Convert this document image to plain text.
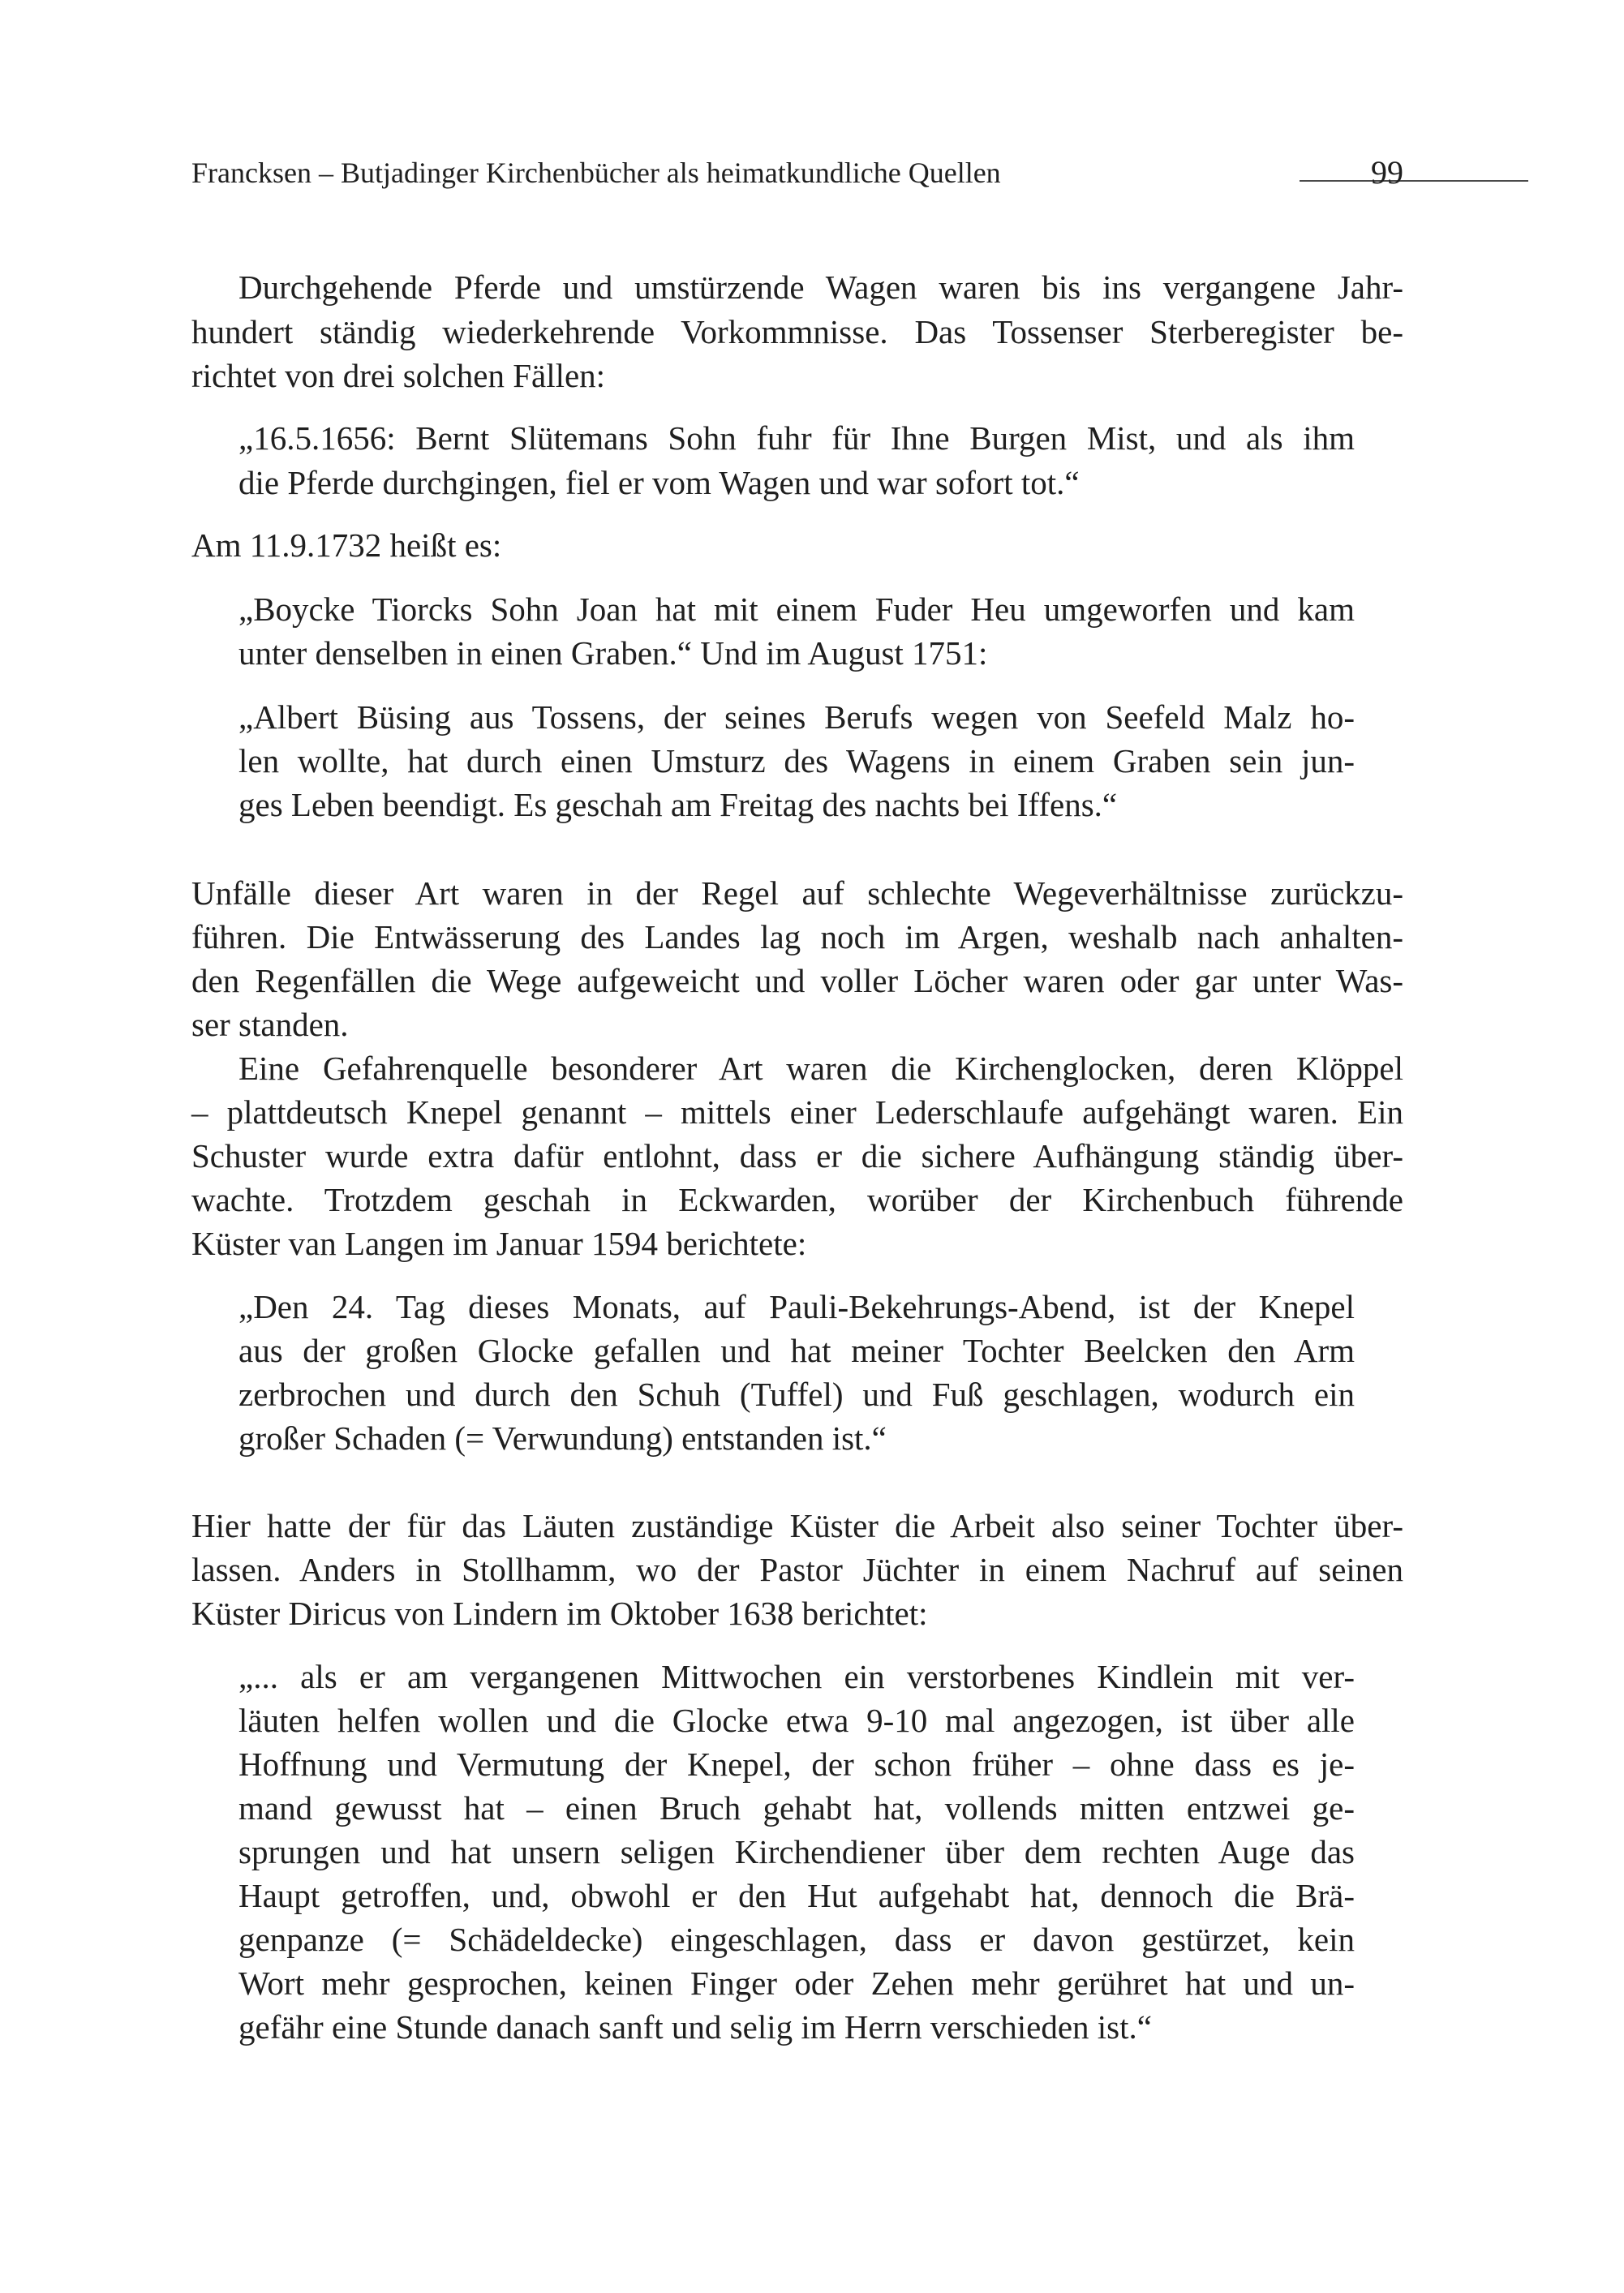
Francksen – Butjadinger Kirchenbücher als heimatkundliche Quellen	99

Durchgehende Pferde und umstürzende Wagen waren bis ins vergangene Jahr-

hundert ständig wiederkehrende Vorkommnisse. Das Tossenser Sterberegister be-

richtet von drei solchen Fällen:

„16.5.1656: Bernt Slütemans Sohn fuhr für Ihne Burgen Mist, und als ihm

die Pferde durchgingen, fiel er vom Wagen und war sofort tot.“

Am 11.9.1732 heißt es:

„Boycke Tiorcks Sohn Joan hat mit einem Fuder Heu umgeworfen und kam

unter denselben in einen Graben.“ Und im August 1751:

„Albert Büsing aus Tossens, der seines Berufs wegen von Seefeld Malz ho-

len wollte, hat durch einen Umsturz des Wagens in einem Graben sein jun-

ges Leben beendigt. Es geschah am Freitag des nachts bei Iffens.“

Unfälle dieser Art waren in der Regel auf schlechte Wegeverhältnisse zurückzu-

führen. Die Entwässerung des Landes lag noch im Argen, weshalb nach anhalten-

den Regenfällen die Wege aufgeweicht und voller Löcher waren oder gar unter Was-

ser standen.

Eine Gefahrenquelle besonderer Art waren die Kirchenglocken, deren Klöppel

– plattdeutsch Knepel genannt – mittels einer Lederschlaufe aufgehängt waren. Ein

Schuster wurde extra dafür entlohnt, dass er die sichere Aufhängung ständig über-

wachte. Trotzdem geschah in Eckwarden, worüber der Kirchenbuch führende

Küster van Langen im Januar 1594 berichtete:

„Den 24. Tag dieses Monats, auf Pauli-Bekehrungs-Abend, ist der Knepel

aus der großen Glocke gefallen und hat meiner Tochter Beelcken den Arm

zerbrochen und durch den Schuh (Tuffel) und Fuß geschlagen, wodurch ein

großer Schaden (= Verwundung) entstanden ist.“

Hier hatte der für das Läuten zuständige Küster die Arbeit also seiner Tochter über-

lassen. Anders in Stollhamm, wo der Pastor Jüchter in einem Nachruf auf seinen

Küster Diricus von Lindern im Oktober 1638 berichtet:

„... als er am vergangenen Mittwochen ein verstorbenes Kindlein mit ver-

läuten helfen wollen und die Glocke etwa 9-10 mal angezogen, ist über alle

Hoffnung und Vermutung der Knepel, der schon früher – ohne dass es je-

mand gewusst hat – einen Bruch gehabt hat, vollends mitten entzwei ge-

sprungen und hat unsern seligen Kirchendiener über dem rechten Auge das

Haupt getroffen, und, obwohl er den Hut aufgehabt hat, dennoch die Brä-

genpanze (= Schädeldecke) eingeschlagen, dass er davon gestürzet, kein

Wort mehr gesprochen, keinen Finger oder Zehen mehr gerühret hat und un-

gefähr eine Stunde danach sanft und selig im Herrn verschieden ist.“
